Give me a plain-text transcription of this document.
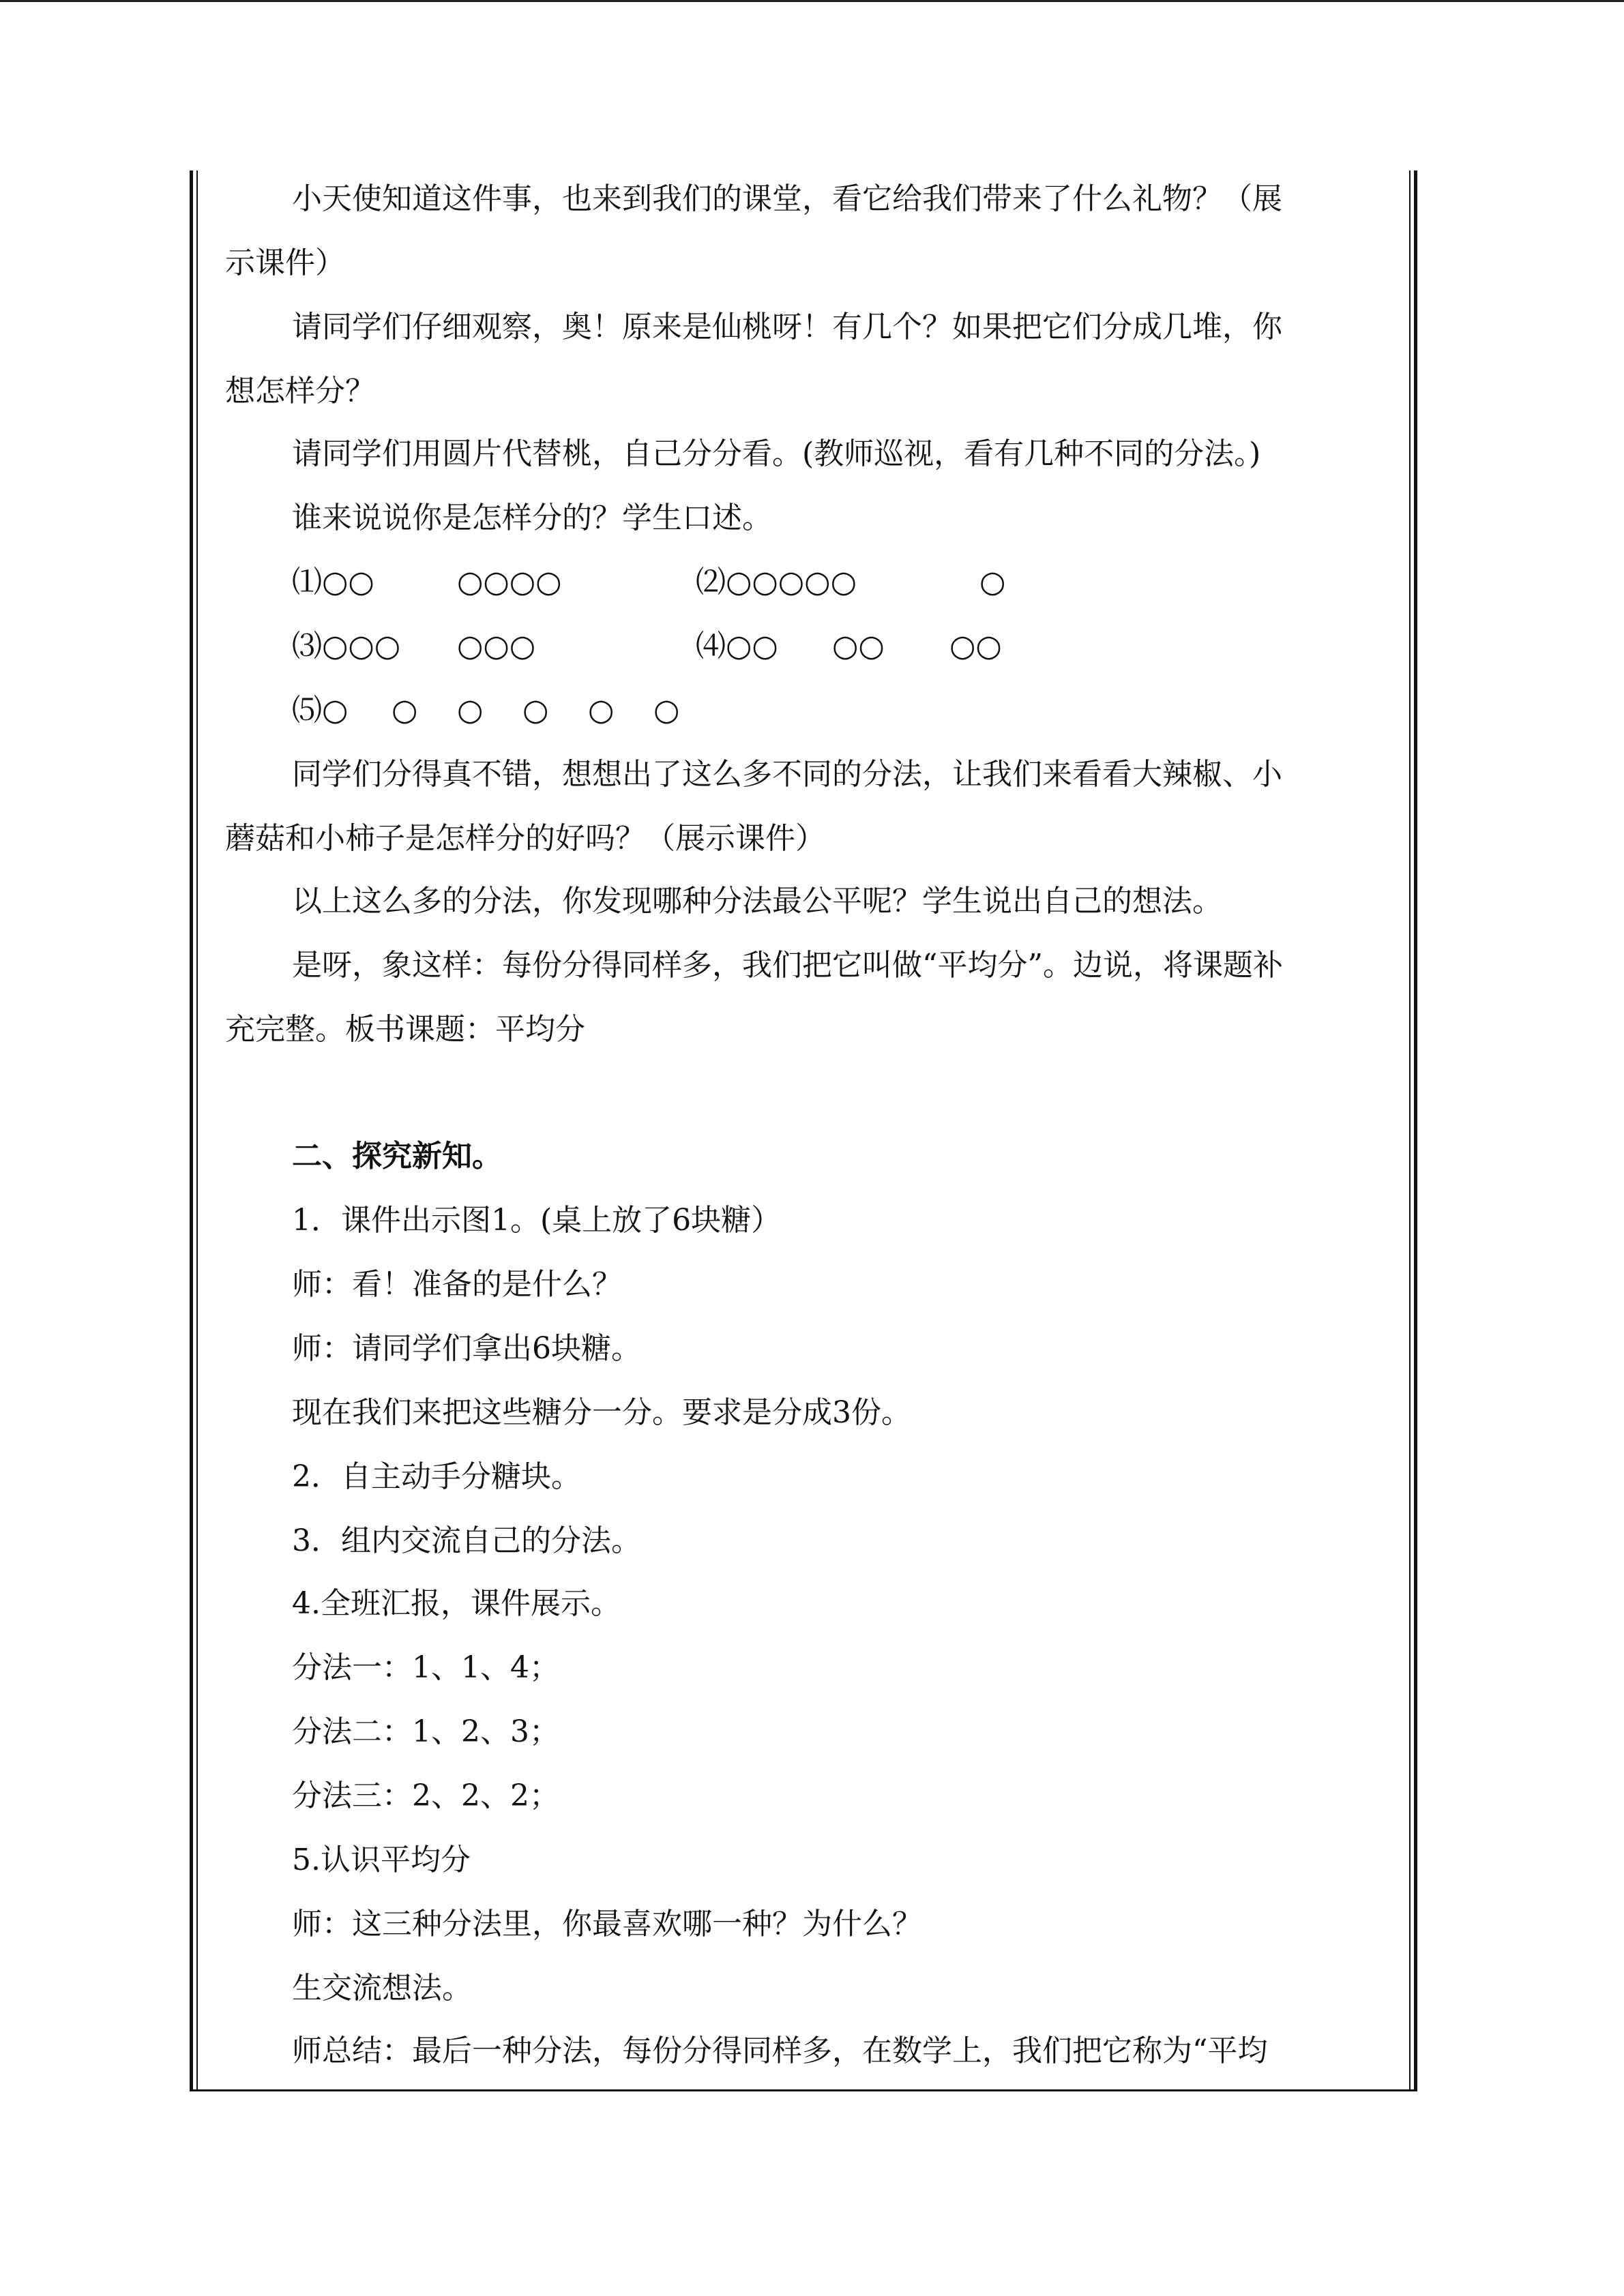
小天使知道这件事，也来到我们的课堂，看它给我们带来了什么礼物？（展
示课件）
请同学们仔细观察，奥！原来是仙桃呀！有几个？如果把它们分成几堆，你
想怎样分？
请同学们用圆片代替桃，自己分分看。(教师巡视，看有几种不同的分法。)
谁来说说你是怎样分的？学生口述。
⑴○○	○○○○	⑵○○○○○	○
⑶○○○ ○○○	⑷○○ ○○ ○○
⑸○ ○ ○ ○ ○ ○
同学们分得真不错，想想出了这么多不同的分法，让我们来看看大辣椒、小
蘑菇和小柿子是怎样分的好吗？（展示课件）
以上这么多的分法，你发现哪种分法最公平呢？学生说出自己的想法。
是呀，象这样：每份分得同样多，我们把它叫做“平均分”。边说，将课题补
充完整。板书课题：平均分
二、探究新知。
1．课件出示图1。(桌上放了6块糖）
师：看！准备的是什么？
师：请同学们拿出6块糖。
现在我们来把这些糖分一分。要求是分成3份。
2．自主动手分糖块。
3．组内交流自己的分法。
4.全班汇报，课件展示。
分法一：1、1、4；
分法二：1、2、3；
分法三：2、2、2；
5.认识平均分
师：这三种分法里，你最喜欢哪一种？为什么？
生交流想法。
师总结：最后一种分法，每份分得同样多，在数学上，我们把它称为“平均
